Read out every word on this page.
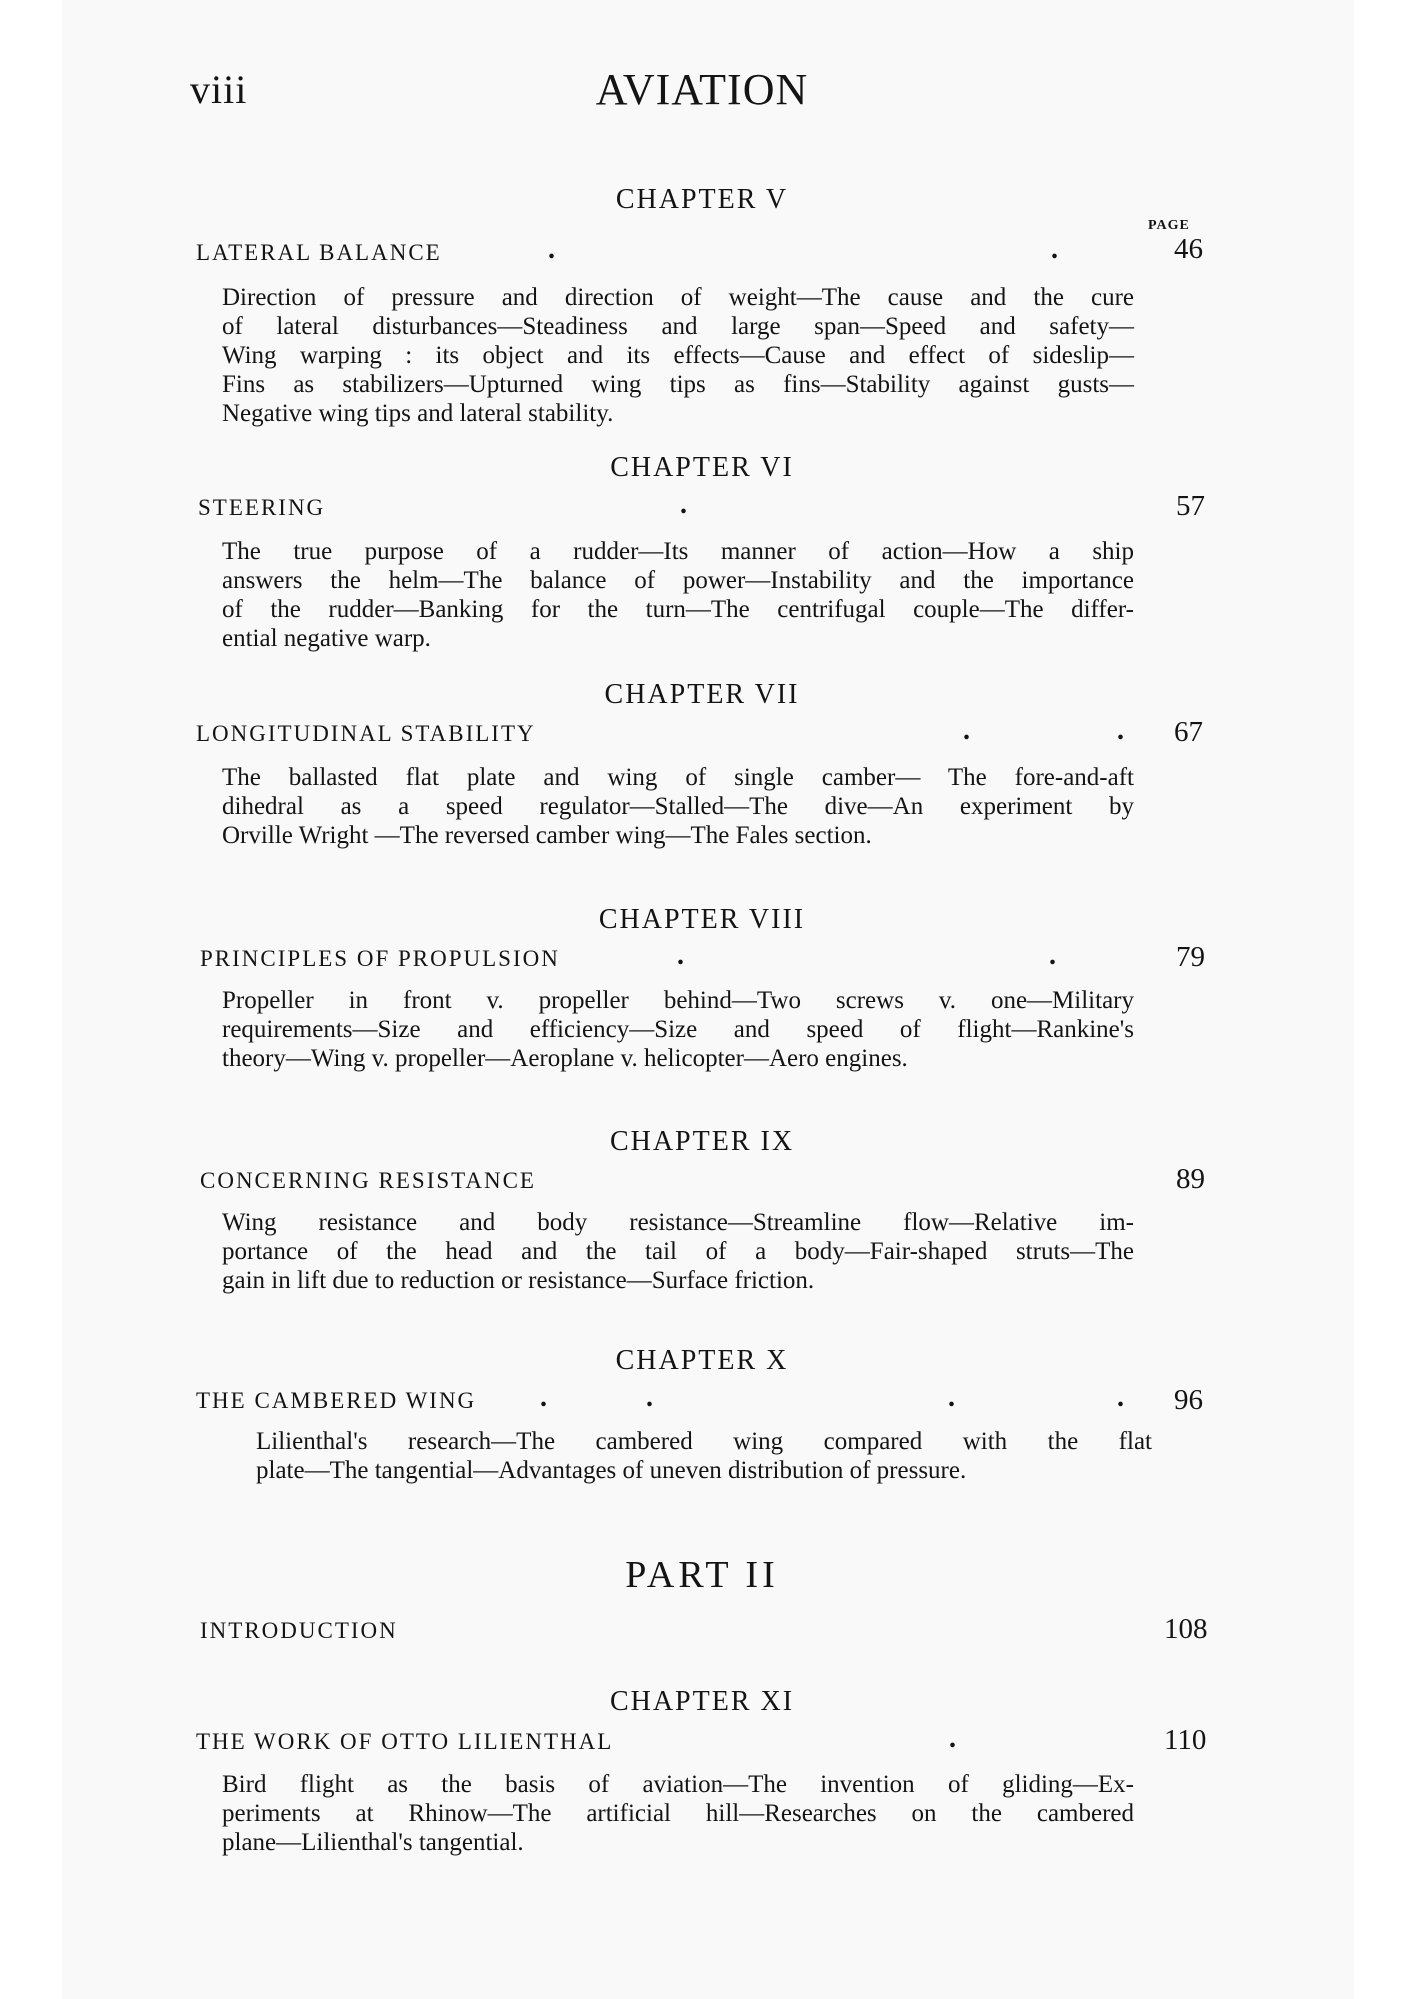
viii	AVIATION
CHAPTER V
PAGE
LATERAL BALANCE	.	.	46
Direction of pressure and direction of weight—The cause and the cure
of lateral disturbances—Steadiness and large span—Speed and safety—
Wing warping : its object and its effects—Cause and effect of sideslip—
Fins as stabilizers—Upturned wing tips as fins—Stability against gusts—
Negative wing tips and lateral stability.
CHAPTER VI
STEERING	.	57
The true purpose of a rudder—Its manner of action—How a ship
answers the helm—The balance of power—Instability and the importance
of the rudder—Banking for the turn—The centrifugal couple—The differ-
ential negative warp.
CHAPTER VII
LONGITUDINAL STABILITY	.	. 67
The ballasted flat plate and wing of single camber— The fore-and-aft
dihedral as a speed regulator—Stalled—The dive—An experiment by
Orville Wright —The reversed camber wing—The Fales section.
CHAPTER VIII
PRINCIPLES OF PROPULSION	.	.	79
Propeller in front v. propeller behind—Two screws v. one—Military
requirements—Size and efficiency—Size and speed of flight—Rankine's
theory—Wing v. propeller—Aeroplane v. helicopter—Aero engines.
CHAPTER IX
CONCERNING RESISTANCE	89
Wing resistance and body resistance—Streamline flow—Relative im-
portance of the head and the tail of a body—Fair-shaped struts—The
gain in lift due to reduction or resistance—Surface friction.
CHAPTER X
THE CAMBERED WING .	.	.	. 96
Lilienthal's research—The cambered wing compared with the flat
plate—The tangential—Advantages of uneven distribution of pressure.
PART II
INTRODUCTION	108
CHAPTER XI
THE WORK OF OTTO LILIENTHAL	.	110
Bird flight as the basis of aviation—The invention of gliding—Ex-
periments at Rhinow—The artificial hill—Researches on the cambered
plane—Lilienthal's tangential.
